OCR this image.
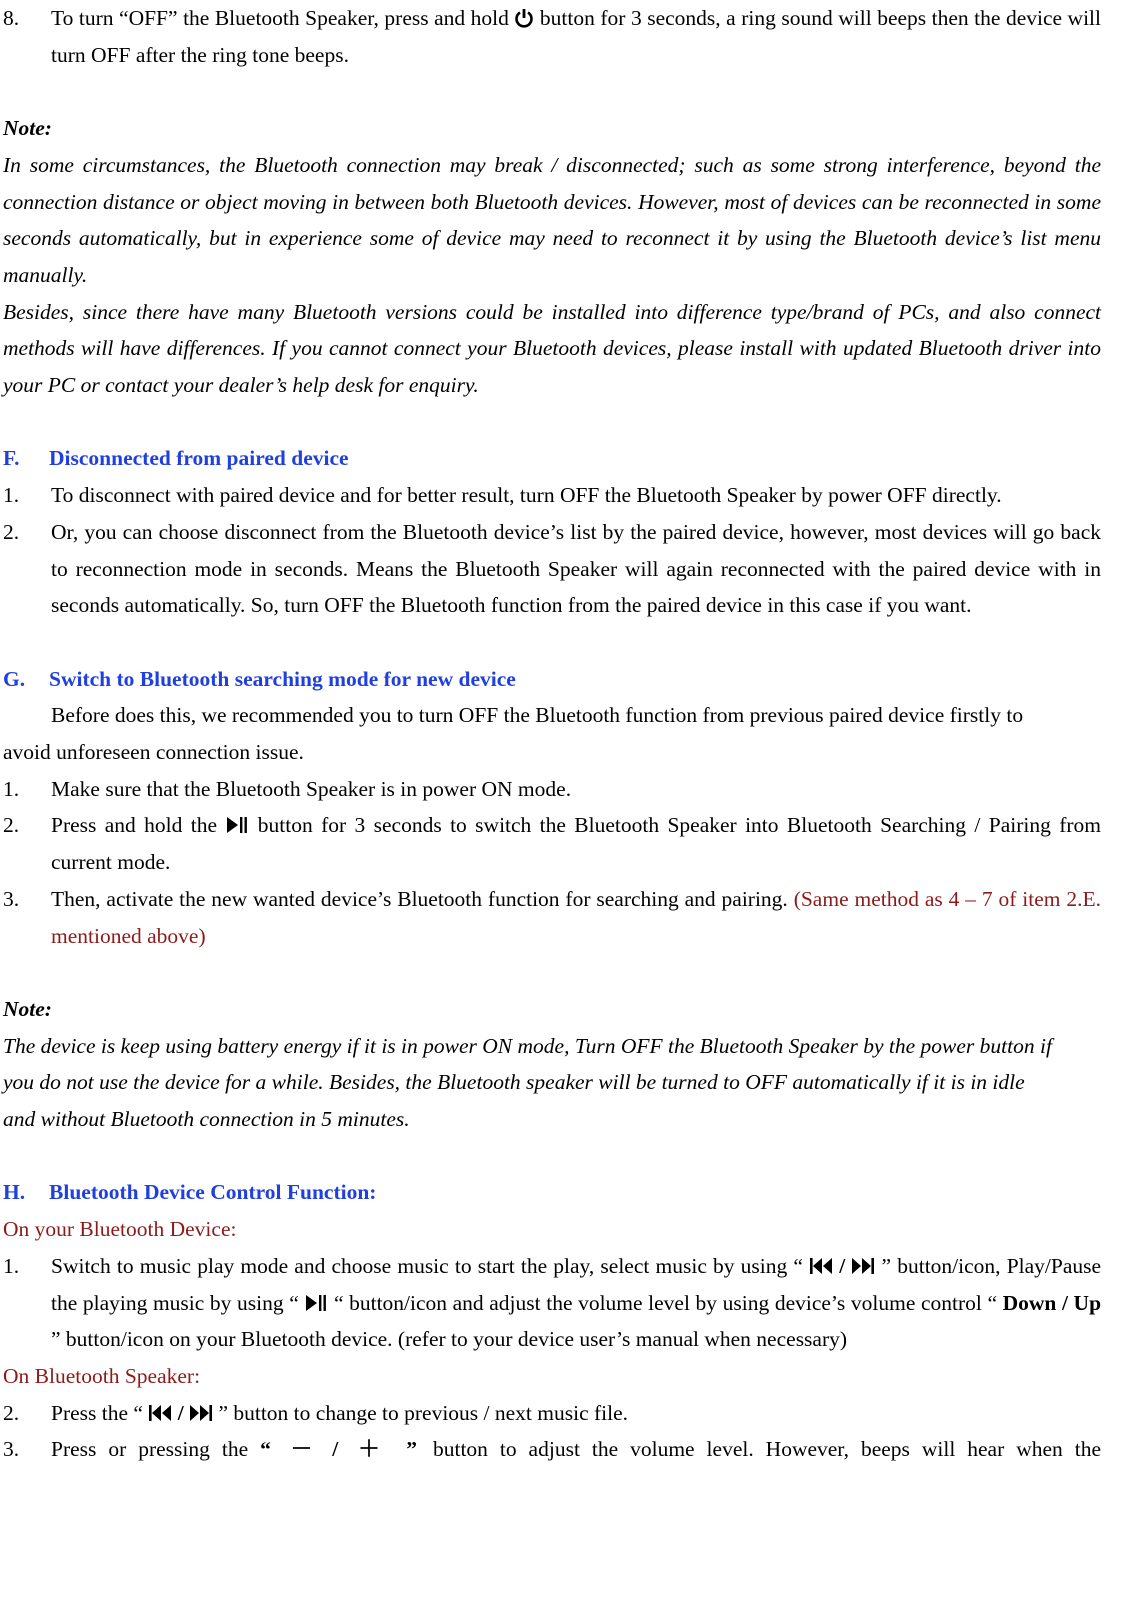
8.	To turn “OFF” the Bluetooth Speaker, press and hold button for 3 seconds, a ring sound will beeps then the device will turn OFF after the ring tone beeps.

Note:

In some circumstances, the Bluetooth connection may break / disconnected; such as some strong interference, beyond the connection distance or object moving in between both Bluetooth devices. However, most of devices can be reconnected in some seconds automatically, but in experience some of device may need to reconnect it by using the Bluetooth device’s list menu manually.

Besides, since there have many Bluetooth versions could be installed into difference type/brand of PCs, and also connect methods will have differences. If you cannot connect your Bluetooth devices, please install with updated Bluetooth driver into your PC or contact your dealer’s help desk for enquiry.

F.	Disconnected from paired device

1.	To disconnect with paired device and for better result, turn OFF the Bluetooth Speaker by power OFF directly.

2.	Or, you can choose disconnect from the Bluetooth device’s list by the paired device, however, most devices will go back to reconnection mode in seconds. Means the Bluetooth Speaker will again reconnected with the paired device with in seconds automatically. So, turn OFF the Bluetooth function from the paired device in this case if you want.

G.	Switch to Bluetooth searching mode for new device

Before does this, we recommended you to turn OFF the Bluetooth function from previous paired device firstly to avoid unforeseen connection issue.

1.	Make sure that the Bluetooth Speaker is in power ON mode.

2.	Press and hold the button for 3 seconds to switch the Bluetooth Speaker into Bluetooth Searching / Pairing from current mode.

3.	Then, activate the new wanted device’s Bluetooth function for searching and pairing. (Same method as 4 – 7 of item 2.E. mentioned above)

Note:

The device is keep using battery energy if it is in power ON mode, Turn OFF the Bluetooth Speaker by the power button if you do not use the device for a while. Besides, the Bluetooth speaker will be turned to OFF automatically if it is in idle and without Bluetooth connection in 5 minutes.

H.	Bluetooth Device Control Function:

On your Bluetooth Device:

1.	Switch to music play mode and choose music to start the play, select music by using “ / ” button/icon, Play/Pause the playing music by using “ “ button/icon and adjust the volume level by using device’s volume control “ Down / Up ” button/icon on your Bluetooth device. (refer to your device user’s manual when necessary)

On Bluetooth Speaker:

2.	Press the “ / ” button to change to previous / next music file.

3.	Press or pressing the “ － / ＋ ” button to adjust the volume level. However, beeps will hear when the
